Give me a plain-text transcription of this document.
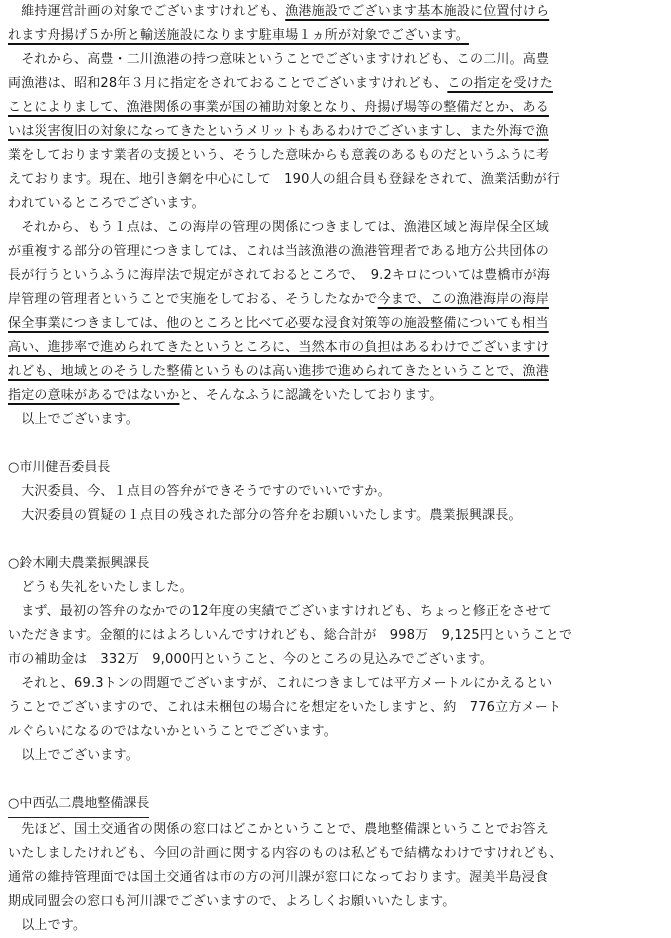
　維持運営計画の対象でございますけれども、漁港施設でございます基本施設に位置付けら
れます舟揚げ５か所と輸送施設になります駐車場１ヵ所が対象でございます。

　それから、高豊・二川漁港の持つ意味ということでございますけれども、この二川。高豊
両漁港は、昭和28年３月に指定をされておることでございますけれども、この指定を受けた
ことによりまして、漁港関係の事業が国の補助対象となり、舟揚げ場等の整備だとか、ある
いは災害復旧の対象になってきたというメリットもあるわけでございますし、また外海で漁
業をしております業者の支援という、そうした意味からも意義のあるものだというふうに考
えております。現在、地引き網を中心にして　190人の組合員も登録をされて、漁業活動が行
われているところでございます。

　それから、もう１点は、この海岸の管理の関係につきましては、漁港区域と海岸保全区域
が重複する部分の管理につきましては、これは当該漁港の漁港管理者である地方公共団体の
長が行うというふうに海岸法で規定がされておるところで、　9.2キロについては豊橋市が海
岸管理の管理者ということで実施をしておる、そうしたなかで今まで、この漁港海岸の海岸
保全事業につきましては、他のところと比べて必要な浸食対策等の施設整備についても相当
高い、進捗率で進められてきたというところに、当然本市の負担はあるわけでございますけ
れども、地域とのそうした整備というものは高い進捗で進められてきたということで、漁港
指定の意味があるではないかと、そんなふうに認識をいたしております。

　以上でございます。

○市川健吾委員長

　大沢委員、今、１点目の答弁ができそうですのでいいですか。
　大沢委員の質疑の１点目の残された部分の答弁をお願いいたします。農業振興課長。

○鈴木剛夫農業振興課長

　どうも失礼をいたしました。
　まず、最初の答弁のなかでの12年度の実績でございますけれども、ちょっと修正をさせて
いただきます。金額的にはよろしいんですけれども、総合計が　998万　9,125円ということで
市の補助金は　332万　9,000円ということ、今のところの見込みでございます。
　それと、69.3トンの問題でございますが、これにつきましては平方メートルにかえるとい
うことでございますので、これは未梱包の場合にを想定をいたしますと、約　776立方メート
ルぐらいになるのではないかということでございます。
　以上でございます。

○中西弘二農地整備課長

　先ほど、国土交通省の関係の窓口はどこかということで、農地整備課ということでお答え
いたしましたけれども、今回の計画に関する内容のものは私どもで結構なわけですけれども、
通常の維持管理面では国土交通省は市の方の河川課が窓口になっております。渥美半島浸食
期成同盟会の窓口も河川課でございますので、よろしくお願いいたします。
　以上です。
